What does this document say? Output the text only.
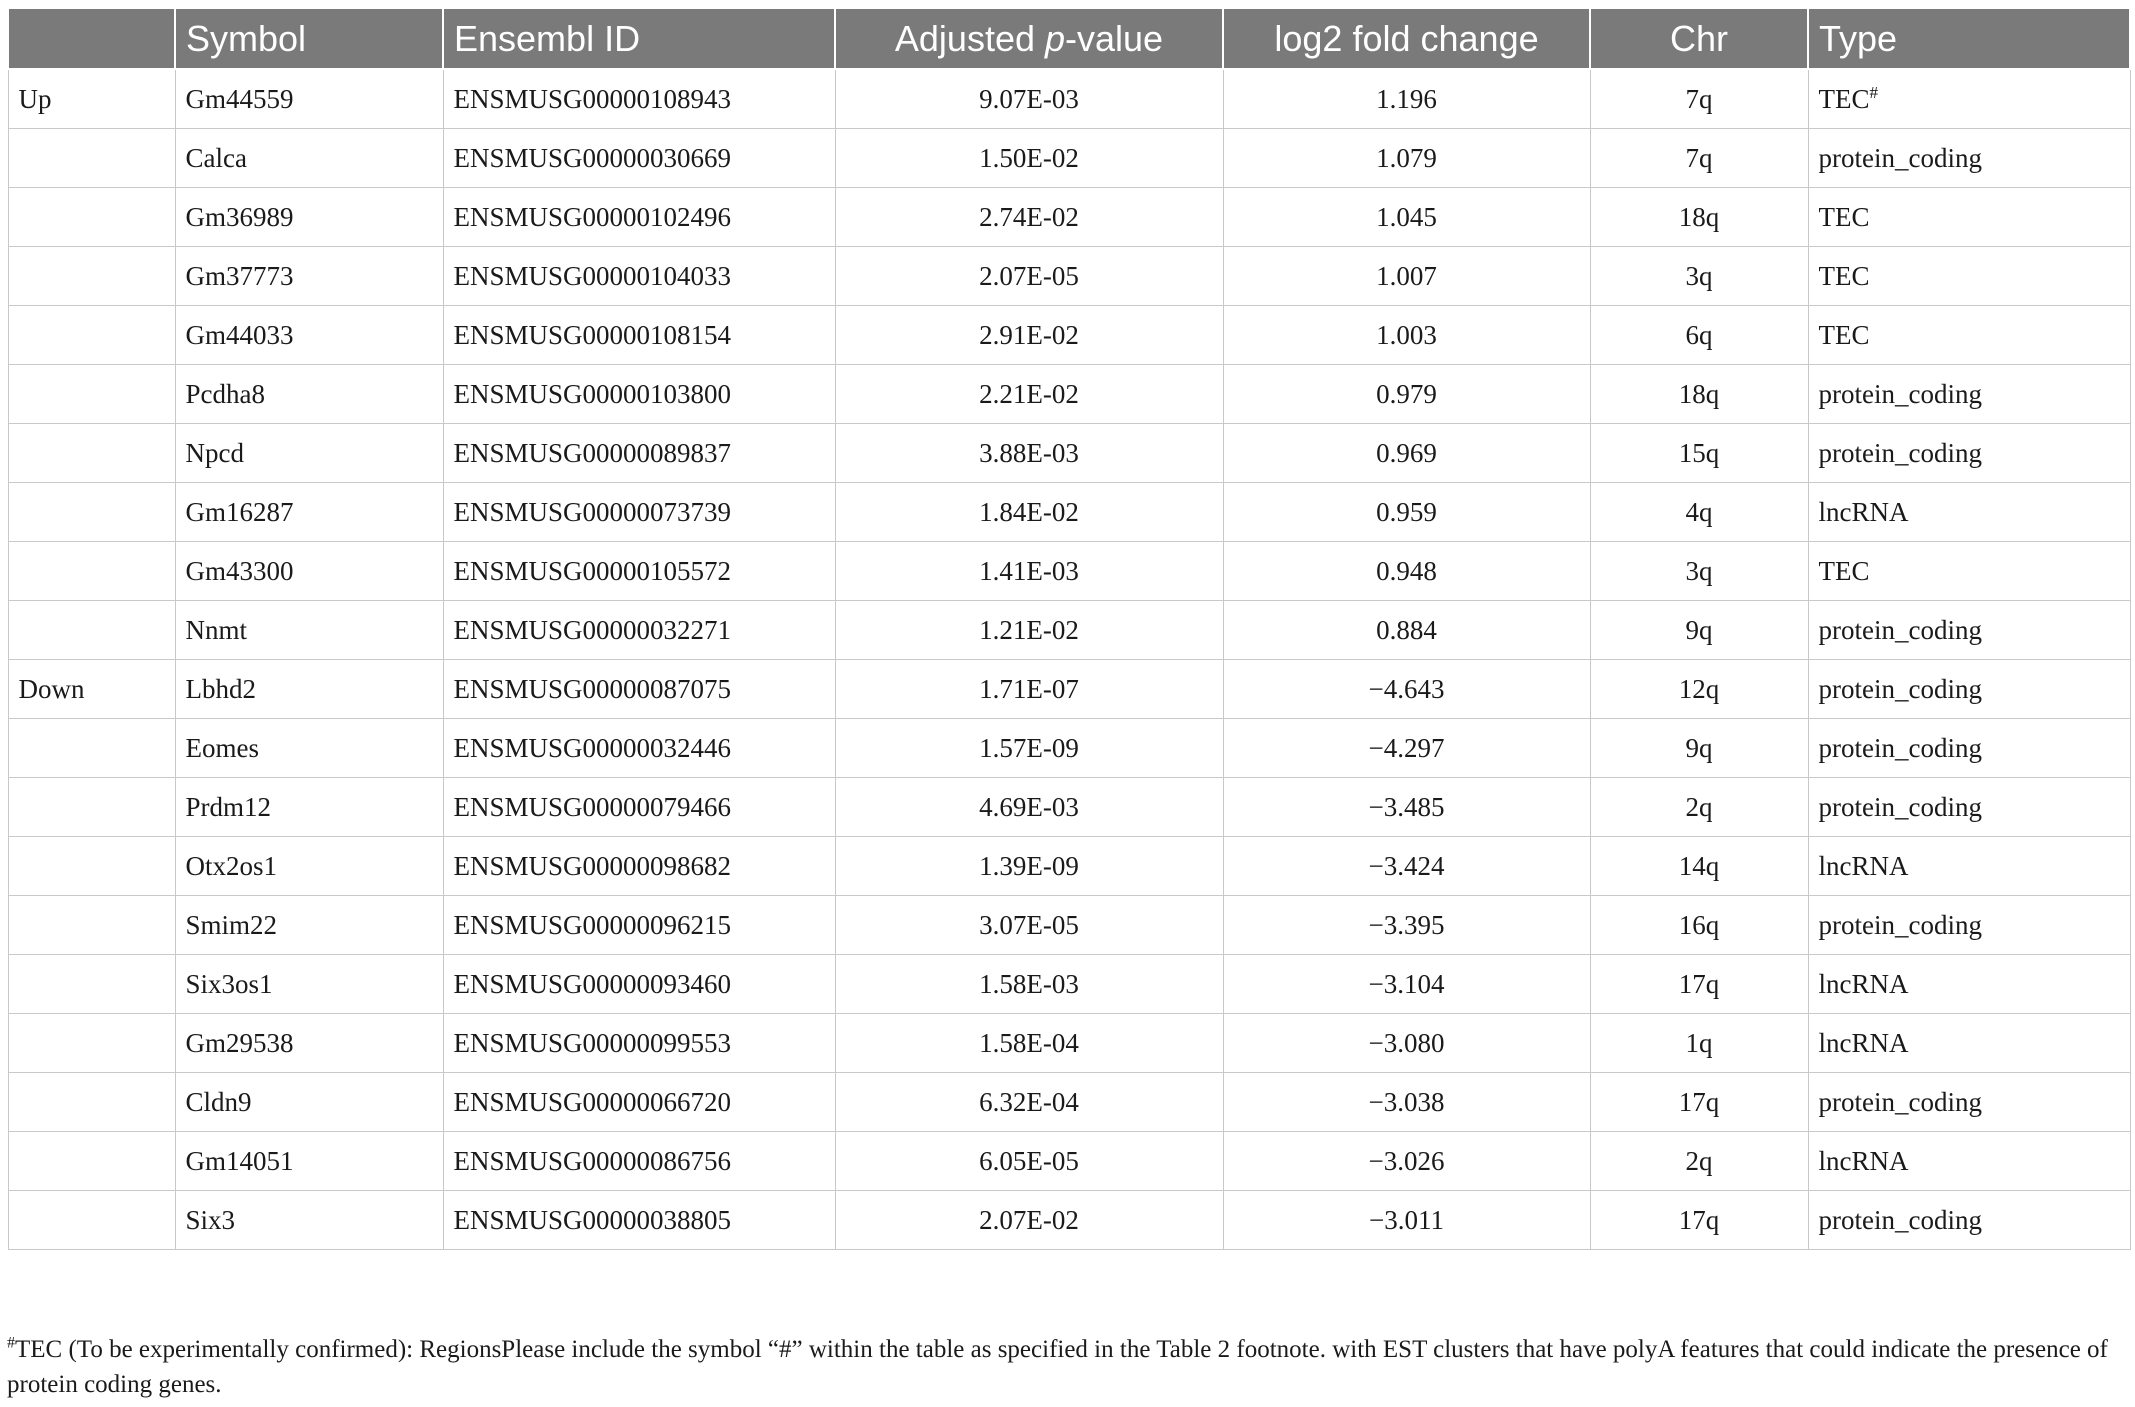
	Symbol	Ensembl ID	Adjusted p-value	log2 fold change	Chr	Type
Up	Gm44559	ENSMUSG00000108943	9.07E-03	1.196	7q	TEC#
	Calca	ENSMUSG00000030669	1.50E-02	1.079	7q	protein_coding
	Gm36989	ENSMUSG00000102496	2.74E-02	1.045	18q	TEC
	Gm37773	ENSMUSG00000104033	2.07E-05	1.007	3q	TEC
	Gm44033	ENSMUSG00000108154	2.91E-02	1.003	6q	TEC
	Pcdha8	ENSMUSG00000103800	2.21E-02	0.979	18q	protein_coding
	Npcd	ENSMUSG00000089837	3.88E-03	0.969	15q	protein_coding
	Gm16287	ENSMUSG00000073739	1.84E-02	0.959	4q	lncRNA
	Gm43300	ENSMUSG00000105572	1.41E-03	0.948	3q	TEC
	Nnmt	ENSMUSG00000032271	1.21E-02	0.884	9q	protein_coding
Down	Lbhd2	ENSMUSG00000087075	1.71E-07	−4.643	12q	protein_coding
	Eomes	ENSMUSG00000032446	1.57E-09	−4.297	9q	protein_coding
	Prdm12	ENSMUSG00000079466	4.69E-03	−3.485	2q	protein_coding
	Otx2os1	ENSMUSG00000098682	1.39E-09	−3.424	14q	lncRNA
	Smim22	ENSMUSG00000096215	3.07E-05	−3.395	16q	protein_coding
	Six3os1	ENSMUSG00000093460	1.58E-03	−3.104	17q	lncRNA
	Gm29538	ENSMUSG00000099553	1.58E-04	−3.080	1q	lncRNA
	Cldn9	ENSMUSG00000066720	6.32E-04	−3.038	17q	protein_coding
	Gm14051	ENSMUSG00000086756	6.05E-05	−3.026	2q	lncRNA
	Six3	ENSMUSG00000038805	2.07E-02	−3.011	17q	protein_coding
#TEC (To be experimentally confirmed): RegionsPlease include the symbol “#” within the table as specified in the Table 2 footnote. with EST clusters that have polyA features that could indicate the presence of protein coding genes.
